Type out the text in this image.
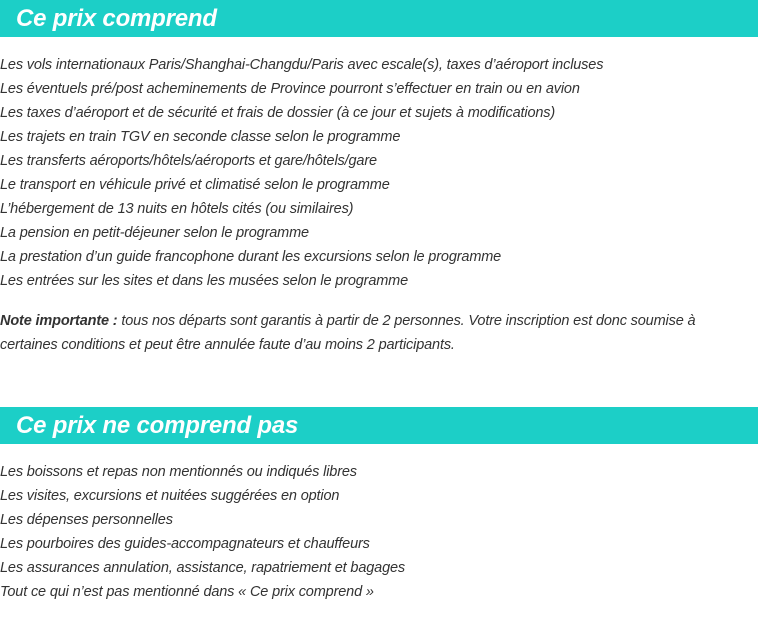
Ce prix comprend
Les vols internationaux Paris/Shanghai-Changdu/Paris avec escale(s), taxes d’aéroport incluses
Les éventuels pré/post acheminements de Province pourront s’effectuer en train ou en avion
Les taxes d’aéroport et de sécurité et frais de dossier (à ce jour et sujets à modifications)
Les trajets en train TGV en seconde classe selon le programme
Les transferts aéroports/hôtels/aéroports et gare/hôtels/gare
Le transport en véhicule privé et climatisé selon le programme
L’hébergement de 13 nuits en hôtels cités (ou similaires)
La pension en petit-déjeuner selon le programme
La prestation d’un guide francophone durant les excursions selon le programme
Les entrées sur les sites et dans les musées selon le programme

Note importante : tous nos départs sont garantis à partir de 2 personnes. Votre inscription est donc soumise à certaines conditions et peut être annulée faute d’au moins 2 participants.

Ce prix ne comprend pas
Les boissons et repas non mentionnés ou indiqués libres
Les visites, excursions et nuitées suggérées en option
Les dépenses personnelles
Les pourboires des guides-accompagnateurs et chauffeurs
Les assurances annulation, assistance, rapatriement et bagages
Tout ce qui n’est pas mentionné dans « Ce prix comprend »
